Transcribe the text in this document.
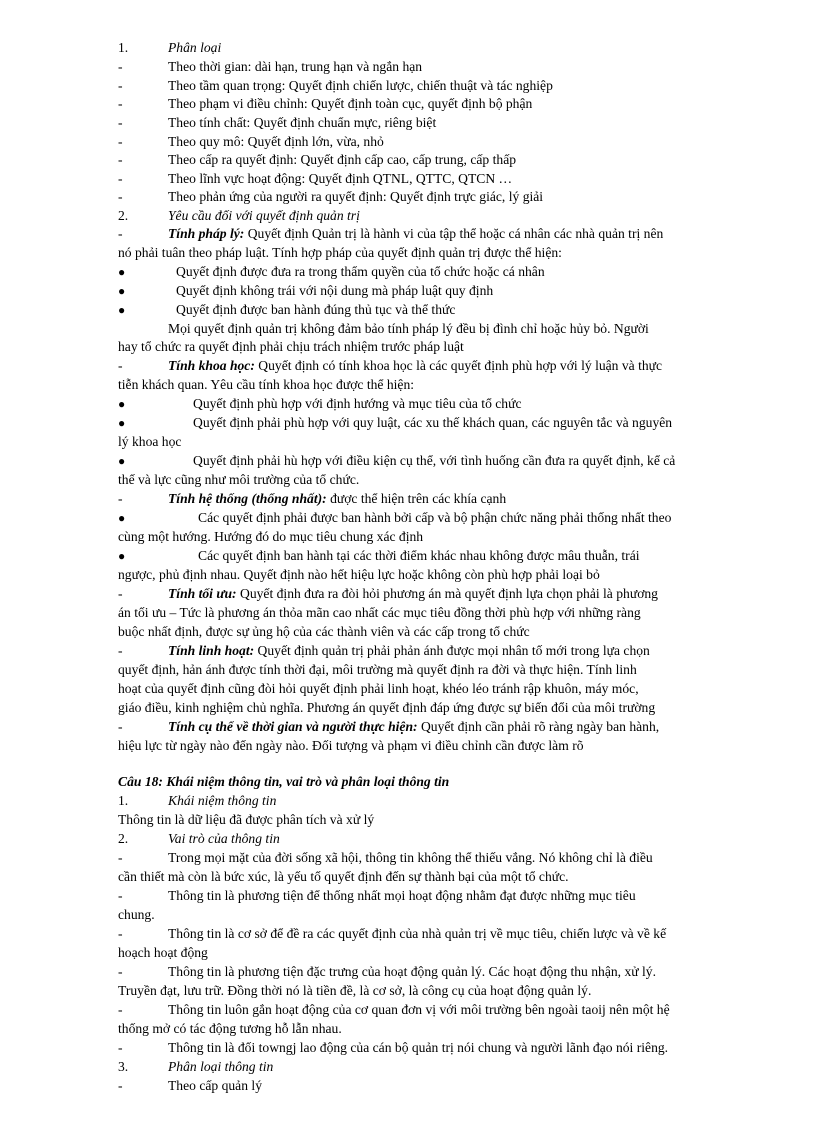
1.	Phân loại
-	Theo thời gian: dài hạn, trung hạn và ngắn hạn
-	Theo tầm quan trọng: Quyết định chiến lược, chiến thuật và tác nghiệp
-	Theo phạm vi điều chỉnh: Quyết định toàn cục, quyết định bộ phận
-	Theo tính chất: Quyết định chuẩn mực, riêng biệt
-	Theo quy mô: Quyết định lớn, vừa, nhỏ
-	Theo cấp ra quyết định: Quyết định cấp cao, cấp trung, cấp thấp
-	Theo lĩnh vực hoạt động: Quyết định QTNL, QTTC, QTCN …
-	Theo phản ứng của người ra quyết định: Quyết định trực giác, lý giải
2.	Yêu cầu đối với quyết định quản trị
-	Tính pháp lý: Quyết định Quản trị là hành vi của tập thể hoặc cá nhân các nhà quản trị nên
nó phải tuân theo pháp luật. Tính hợp pháp của quyết định quản trị được thể hiện:
●	Quyết định được đưa ra trong thẩm quyền của tổ chức hoặc cá nhân
●	Quyết định không trái với nội dung mà pháp luật quy định
●	Quyết định được ban hành đúng thủ tục và thể thức
Mọi quyết định quản trị không đảm bảo tính pháp lý đều bị đình chỉ hoặc hủy bỏ. Người
hay tổ chức ra quyết định phải chịu trách nhiệm trước pháp luật
-	Tính khoa học: Quyết định có tính khoa học là các quyết định phù hợp với lý luận và thực
tiễn khách quan. Yêu cầu tính khoa học được thể hiện:
●	Quyết định phù hợp với định hướng và mục tiêu của tổ chức
●	Quyết định phải phù hợp với quy luật, các xu thế khách quan, các nguyên tắc và nguyên
lý khoa học
●	Quyết định phải hù hợp với điều kiện cụ thể, với tình huống cần đưa ra quyết định, kể cả
thế và lực cũng như môi trường của tổ chức.
-	Tính hệ thống (thống nhất): được thể hiện trên các khía cạnh
●	Các quyết định phải được ban hành bởi cấp và bộ phận chức năng phải thống nhất theo
cùng một hướng. Hướng đó do mục tiêu chung xác định
●	Các quyết định ban hành tại các thời điểm khác nhau không được mâu thuẫn, trái
ngược, phủ định nhau. Quyết định nào hết hiệu lực hoặc không còn phù hợp phải loại bỏ
-	Tính tối ưu: Quyết định đưa ra đòi hỏi phương án mà quyết định lựa chọn phải là phương
án tối ưu – Tức là phương án thỏa mãn cao nhất các mục tiêu đồng thời phù hợp với những ràng
buộc nhất định, được sự ủng hộ của các thành viên và các cấp trong tổ chức
-	Tính linh hoạt: Quyết định quản trị phải phản ánh được mọi nhân tố mới trong lựa chọn
quyết định, hản ánh được tính thời đại, môi trường mà quyết định ra đời và thực hiện. Tính linh
hoạt của quyết định cũng đòi hỏi quyết định phải linh hoạt, khéo léo tránh rập khuôn, máy móc,
giáo điều, kinh nghiệm chủ nghĩa. Phương án quyết định đáp ứng được sự biến đổi của môi trường
-	Tính cụ thể về thời gian và người thực hiện: Quyết định cần phải rõ ràng ngày ban hành,
hiệu lực từ ngày nào đến ngày nào. Đối tượng và phạm vi điều chỉnh cần được làm rõ
Câu 18: Khái niệm thông tin, vai trò và phân loại thông tin
1.	Khái niệm thông tin
Thông tin là dữ liệu đã được phân tích và xử lý
2.	Vai trò của thông tin
-	Trong mọi mặt của đời sống xã hội, thông tin không thể thiếu vắng. Nó không chỉ là điều
cần thiết mà còn là bức xúc, là yếu tố quyết định đến sự thành bại của một tổ chức.
-	Thông tin là phương tiện để thống nhất mọi hoạt động nhằm đạt được những mục tiêu
chung.
-	Thông tin là cơ sở để đề ra các quyết định của nhà quản trị về mục tiêu, chiến lược và về kế
hoạch hoạt động
-	Thông tin là phương tiện đặc trưng của hoạt động quản lý. Các hoạt động thu nhận, xử lý.
Truyền đạt, lưu trữ. Đồng thời nó là tiền đề, là cơ sở, là công cụ của hoạt động quản lý.
-	Thông tin luôn gắn hoạt động của cơ quan đơn vị với môi trường bên ngoài taoij nên một hệ
thống mở có tác động tương hỗ lẫn nhau.
-	Thông tin là đối towngj lao động của cán bộ quản trị nói chung và người lãnh đạo nói riêng.
3.	Phân loại thông tin
-	Theo cấp quản lý
